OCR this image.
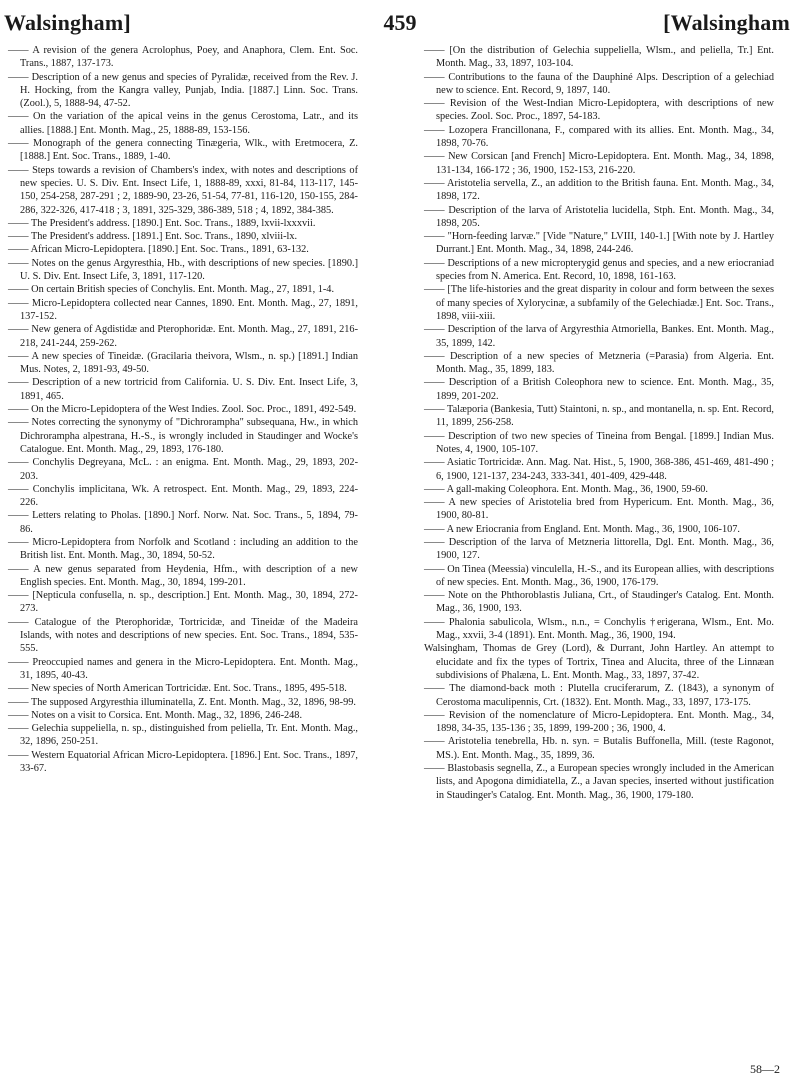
459
Walsingham]	[Walsingham

—— A revision of the genera Acrolophus, Poey, and Anaphora, Clem. Ent. Soc. Trans., 1887, 137-173.

—— Description of a new genus and species of Pyralidæ, received from the Rev. J. H. Hocking, from the Kangra valley, Punjab, India. [1887.] Linn. Soc. Trans. (Zool.), 5, 1888-94, 47-52.

—— On the variation of the apical veins in the genus Cerostoma, Latr., and its allies. [1888.] Ent. Month. Mag., 25, 1888-89, 153-156.

—— Monograph of the genera connecting Tinægeria, Wlk., with Eretmocera, Z. [1888.] Ent. Soc. Trans., 1889, 1-40.

—— Steps towards a revision of Chambers's index, with notes and descriptions of new species. U. S. Div. Ent. Insect Life, 1, 1888-89, xxxi, 81-84, 113-117, 145-150, 254-258, 287-291 ; 2, 1889-90, 23-26, 51-54, 77-81, 116-120, 150-155, 284-286, 322-326, 417-418 ; 3, 1891, 325-329, 386-389, 518 ; 4, 1892, 384-385.

—— The President's address. [1890.] Ent. Soc. Trans., 1889, lxvii-lxxxvii.

—— The President's address. [1891.] Ent. Soc. Trans., 1890, xlviii-lx.

—— African Micro-Lepidoptera. [1890.] Ent. Soc. Trans., 1891, 63-132.

—— Notes on the genus Argyresthia, Hb., with descriptions of new species. [1890.] U. S. Div. Ent. Insect Life, 3, 1891, 117-120.

—— On certain British species of Conchylis. Ent. Month. Mag., 27, 1891, 1-4.

—— Micro-Lepidoptera collected near Cannes, 1890. Ent. Month. Mag., 27, 1891, 137-152.

—— New genera of Agdistidæ and Pterophoridæ. Ent. Month. Mag., 27, 1891, 216-218, 241-244, 259-262.

—— A new species of Tineidæ. (Gracilaria theivora, Wlsm., n. sp.) [1891.] Indian Mus. Notes, 2, 1891-93, 49-50.

—— Description of a new tortricid from California. U. S. Div. Ent. Insect Life, 3, 1891, 465.

—— On the Micro-Lepidoptera of the West Indies. Zool. Soc. Proc., 1891, 492-549.

—— Notes correcting the synonymy of "Dichrorampha" subsequana, Hw., in which Dichrorampha alpestrana, H.-S., is wrongly included in Staudinger and Wocke's Catalogue. Ent. Month. Mag., 29, 1893, 176-180.

—— Conchylis Degreyana, McL. : an enigma. Ent. Month. Mag., 29, 1893, 202-203.

—— Conchylis implicitana, Wk. A retrospect. Ent. Month. Mag., 29, 1893, 224-226.

—— Letters relating to Pholas. [1890.] Norf. Norw. Nat. Soc. Trans., 5, 1894, 79-86.

—— Micro-Lepidoptera from Norfolk and Scotland : including an addition to the British list. Ent. Month. Mag., 30, 1894, 50-52.

—— A new genus separated from Heydenia, Hfm., with description of a new English species. Ent. Month. Mag., 30, 1894, 199-201.

—— [Nepticula confusella, n. sp., description.] Ent. Month. Mag., 30, 1894, 272-273.

—— Catalogue of the Pterophoridæ, Tortricidæ, and Tineidæ of the Madeira Islands, with notes and descriptions of new species. Ent. Soc. Trans., 1894, 535-555.

—— Preoccupied names and genera in the Micro-Lepidoptera. Ent. Month. Mag., 31, 1895, 40-43.

—— New species of North American Tortricidæ. Ent. Soc. Trans., 1895, 495-518.

—— The supposed Argyresthia illuminatella, Z. Ent. Month. Mag., 32, 1896, 98-99.

—— Notes on a visit to Corsica. Ent. Month. Mag., 32, 1896, 246-248.

—— Gelechia suppeliella, n. sp., distinguished from peliella, Tr. Ent. Month. Mag., 32, 1896, 250-251.

—— Western Equatorial African Micro-Lepidoptera. [1896.] Ent. Soc. Trans., 1897, 33-67.

—— [On the distribution of Gelechia suppeliella, Wlsm., and peliella, Tr.] Ent. Month. Mag., 33, 1897, 103-104.

—— Contributions to the fauna of the Dauphiné Alps. Description of a gelechiad new to science. Ent. Record, 9, 1897, 140.

—— Revision of the West-Indian Micro-Lepidoptera, with descriptions of new species. Zool. Soc. Proc., 1897, 54-183.

—— Lozopera Francillonana, F., compared with its allies. Ent. Month. Mag., 34, 1898, 70-76.

—— New Corsican [and French] Micro-Lepidoptera. Ent. Month. Mag., 34, 1898, 131-134, 166-172 ; 36, 1900, 152-153, 216-220.

—— Aristotelia servella, Z., an addition to the British fauna. Ent. Month. Mag., 34, 1898, 172.

—— Description of the larva of Aristotelia lucidella, Stph. Ent. Month. Mag., 34, 1898, 205.

—— "Horn-feeding larvæ." [Vide "Nature," LVIII, 140-1.] [With note by J. Hartley Durrant.] Ent. Month. Mag., 34, 1898, 244-246.

—— Descriptions of a new micropterygid genus and species, and a new eriocraniad species from N. America. Ent. Record, 10, 1898, 161-163.

—— [The life-histories and the great disparity in colour and form between the sexes of many species of Xylorycinæ, a subfamily of the Gelechiadæ.] Ent. Soc. Trans., 1898, viii-xiii.

—— Description of the larva of Argyresthia Atmoriella, Bankes. Ent. Month. Mag., 35, 1899, 142.

—— Description of a new species of Metzneria (=Parasia) from Algeria. Ent. Month. Mag., 35, 1899, 183.

—— Description of a British Coleophora new to science. Ent. Month. Mag., 35, 1899, 201-202.

—— Talæporia (Bankesia, Tutt) Staintoni, n. sp., and montanella, n. sp. Ent. Record, 11, 1899, 256-258.

—— Description of two new species of Tineina from Bengal. [1899.] Indian Mus. Notes, 4, 1900, 105-107.

—— Asiatic Tortricidæ. Ann. Mag. Nat. Hist., 5, 1900, 368-386, 451-469, 481-490 ; 6, 1900, 121-137, 234-243, 333-341, 401-409, 429-448.

—— A gall-making Coleophora. Ent. Month. Mag., 36, 1900, 59-60.

—— A new species of Aristotelia bred from Hypericum. Ent. Month. Mag., 36, 1900, 80-81.

—— A new Eriocrania from England. Ent. Month. Mag., 36, 1900, 106-107.

—— Description of the larva of Metzneria littorella, Dgl. Ent. Month. Mag., 36, 1900, 127.

—— On Tinea (Meessia) vinculella, H.-S., and its European allies, with descriptions of new species. Ent. Month. Mag., 36, 1900, 176-179.

—— Note on the Phthoroblastis Juliana, Crt., of Staudinger's Catalog. Ent. Month. Mag., 36, 1900, 193.

—— Phalonia sabulicola, Wlsm., n.n., = Conchylis †erigerana, Wlsm., Ent. Mo. Mag., xxvii, 3-4 (1891). Ent. Month. Mag., 36, 1900, 194.

Walsingham, Thomas de Grey (Lord), & Durrant, John Hartley. An attempt to elucidate and fix the types of Tortrix, Tinea and Alucita, three of the Linnæan subdivisions of Phalæna, L. Ent. Month. Mag., 33, 1897, 37-42.

—— The diamond-back moth : Plutella cruciferarum, Z. (1843), a synonym of Cerostoma maculipennis, Crt. (1832). Ent. Month. Mag., 33, 1897, 173-175.

—— Revision of the nomenclature of Micro-Lepidoptera. Ent. Month. Mag., 34, 1898, 34-35, 135-136 ; 35, 1899, 199-200 ; 36, 1900, 4.

—— Aristotelia tenebrella, Hb. n. syn. = Butalis Buffonella, Mill. (teste Ragonot, MS.). Ent. Month. Mag., 35, 1899, 36.

—— Blastobasis segnella, Z., a European species wrongly included in the American lists, and Apogona dimidiatella, Z., a Javan species, inserted without justification in Staudinger's Catalog. Ent. Month. Mag., 36, 1900, 179-180.

58—2
